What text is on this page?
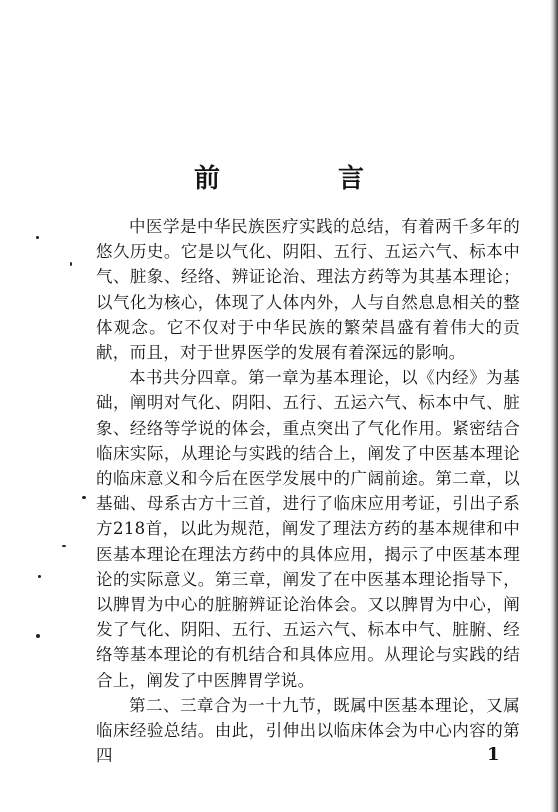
前　言

中医学是中华民族医疗实践的总结，有着两千多年的悠久历史。它是以气化、阴阳、五行、五运六气、标本中气、脏象、经络、辨证论治、理法方药等为其基本理论；以气化为核心，体现了人体内外，人与自然息息相关的整体观念。它不仅对于中华民族的繁荣昌盛有着伟大的贡献，而且，对于世界医学的发展有着深远的影响。

本书共分四章。第一章为基本理论，以《内经》为基础，阐明对气化、阴阳、五行、五运六气、标本中气、脏象、经络等学说的体会，重点突出了气化作用。紧密结合临床实际，从理论与实践的结合上，阐发了中医基本理论的临床意义和今后在医学发展中的广阔前途。第二章，以基础、母系古方十三首，进行了临床应用考证，引出子系方218首，以此为规范，阐发了理法方药的基本规律和中医基本理论在理法方药中的具体应用，揭示了中医基本理论的实际意义。第三章，阐发了在中医基本理论指导下，以脾胃为中心的脏腑辨证论治体会。又以脾胃为中心，阐发了气化、阴阳、五行、五运六气、标本中气、脏腑、经络等基本理论的有机结合和具体应用。从理论与实践的结合上，阐发了中医脾胃学说。

第二、三章合为一十九节，既属中医基本理论，又属临床经验总结。由此，引伸出以临床体会为中心内容的第四	1
